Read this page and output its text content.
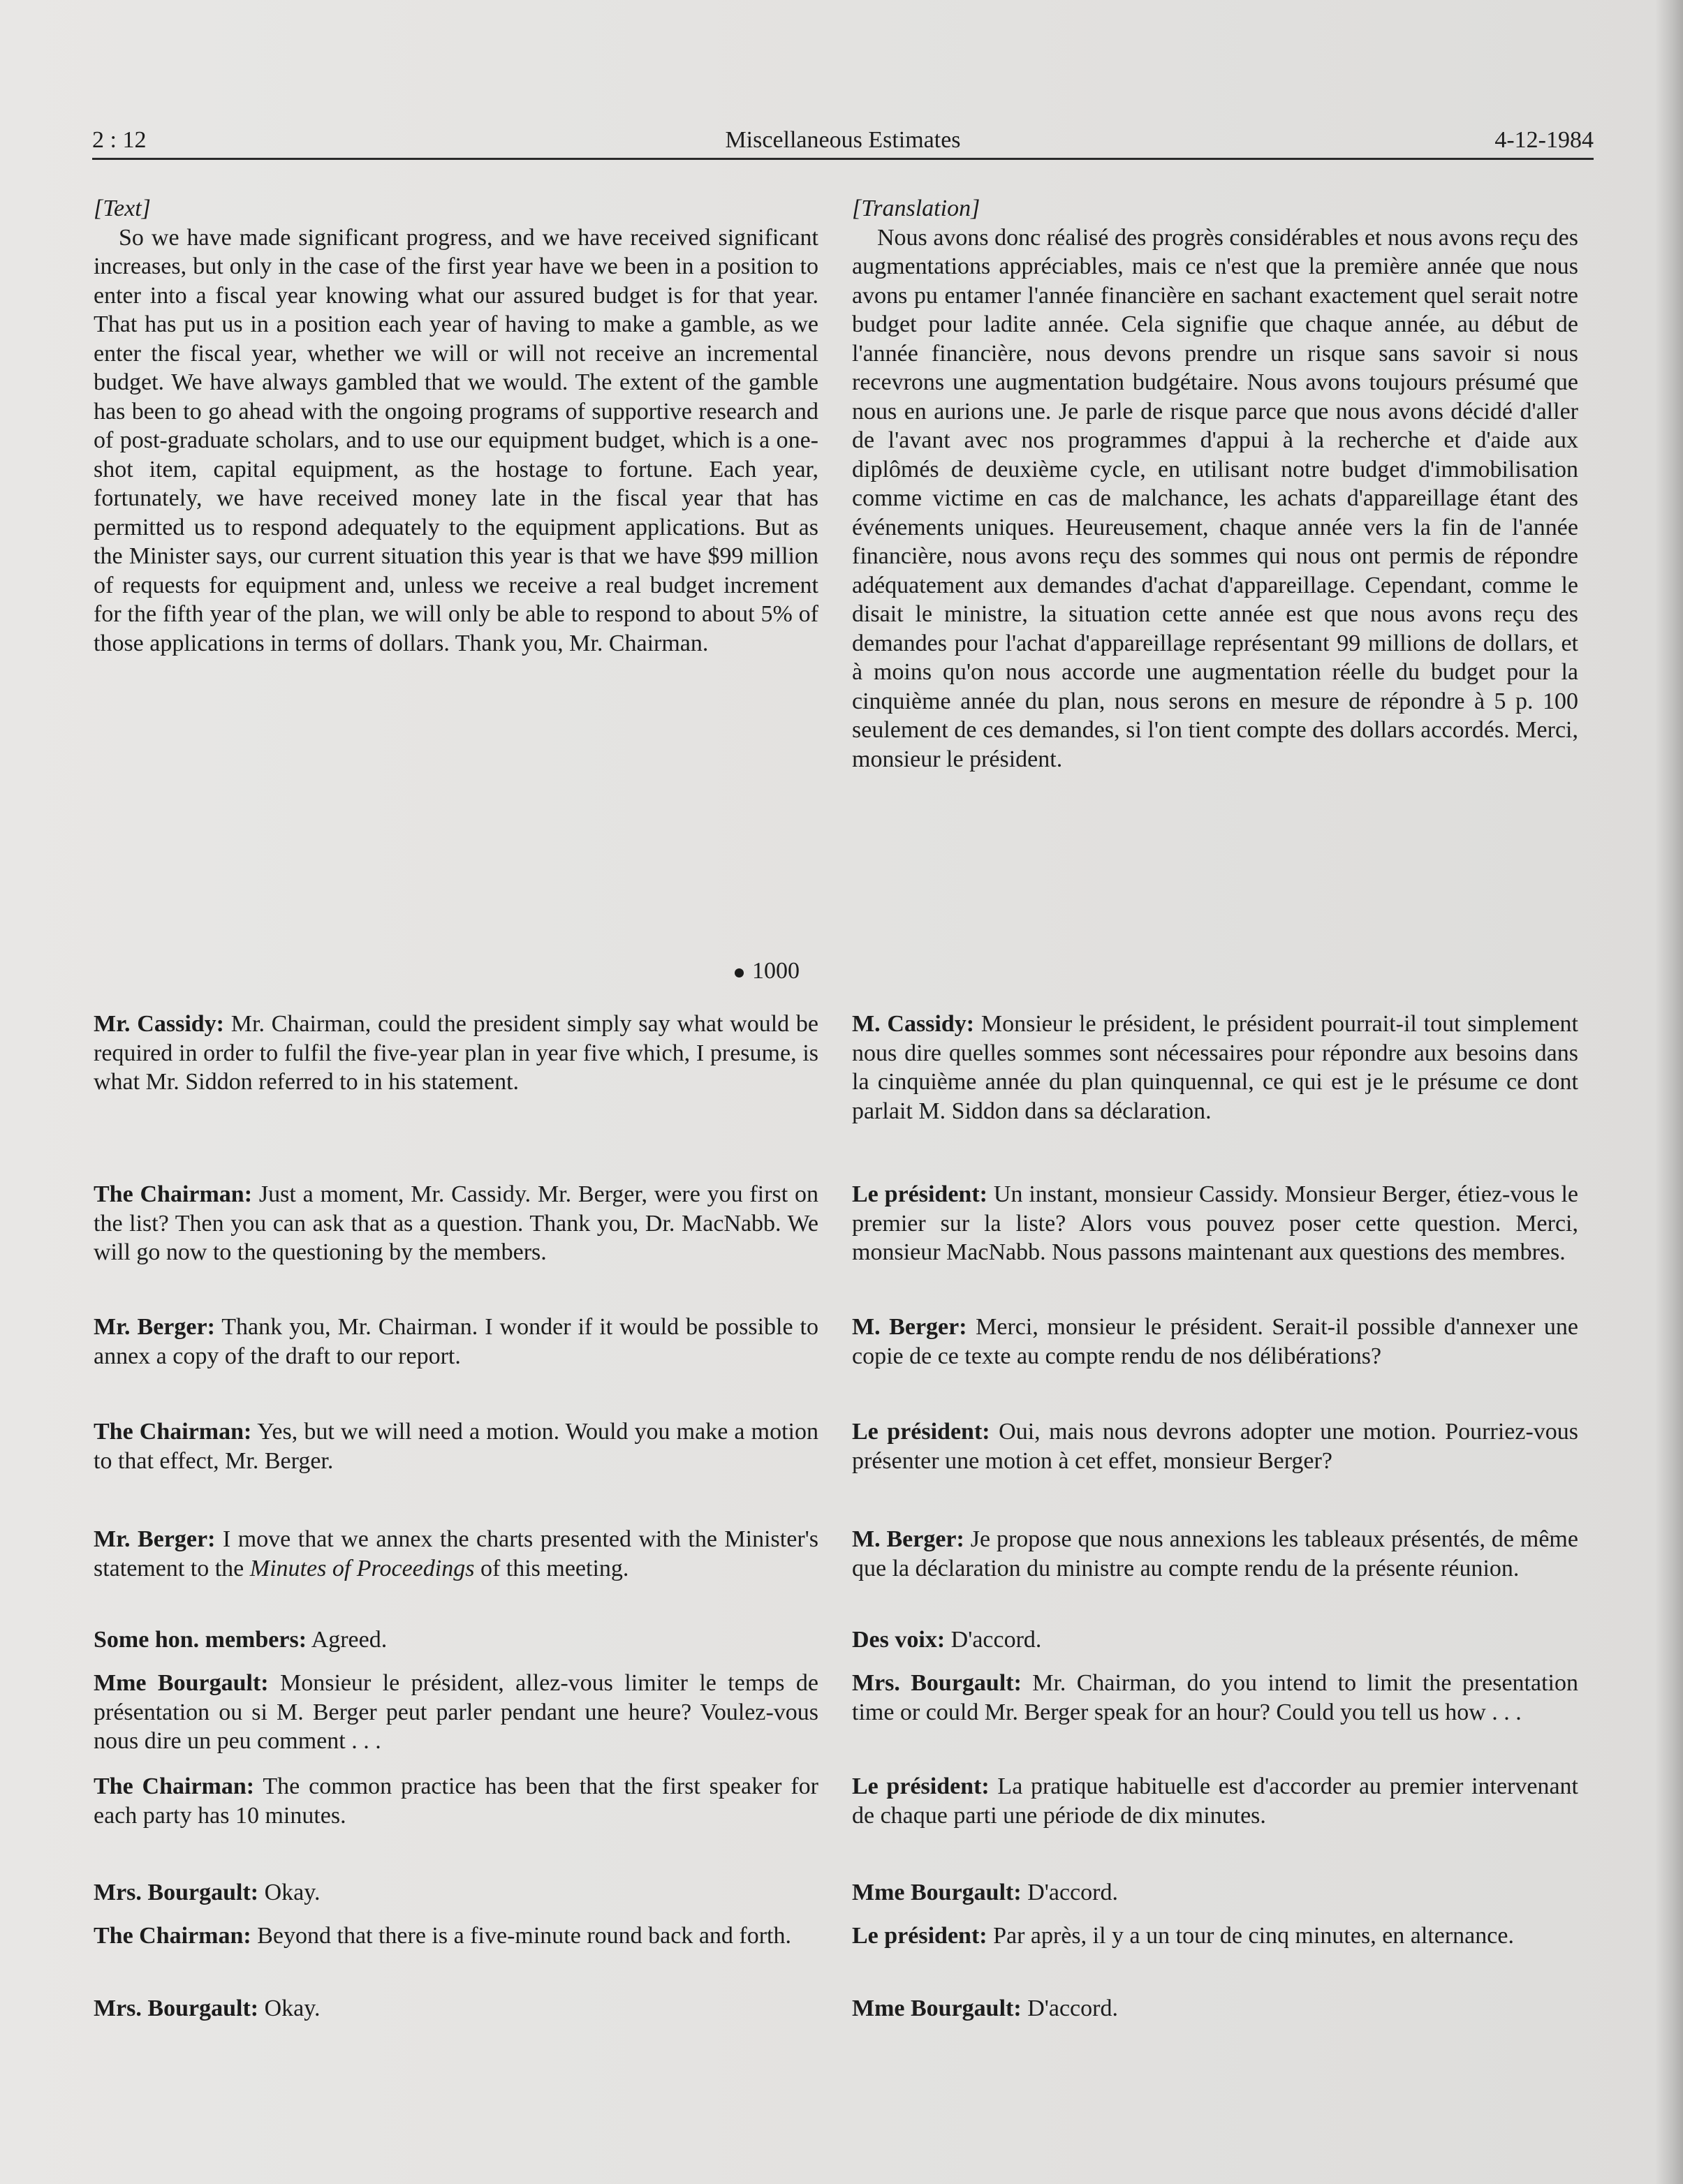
2 : 12	Miscellaneous Estimates	4-12-1984

[Text]

So we have made significant progress, and we have received significant increases, but only in the case of the first year have we been in a position to enter into a fiscal year knowing what our assured budget is for that year. That has put us in a position each year of having to make a gamble, as we enter the fiscal year, whether we will or will not receive an incremental budget. We have always gambled that we would. The extent of the gamble has been to go ahead with the ongoing programs of supportive research and of post-graduate scholars, and to use our equipment budget, which is a one-shot item, capital equipment, as the hostage to fortune. Each year, fortunately, we have received money late in the fiscal year that has permitted us to respond adequately to the equipment applications. But as the Minister says, our current situation this year is that we have $99 million of requests for equipment and, unless we receive a real budget increment for the fifth year of the plan, we will only be able to respond to about 5% of those applications in terms of dollars. Thank you, Mr. Chairman.

[Translation]

Nous avons donc réalisé des progrès considérables et nous avons reçu des augmentations appréciables, mais ce n'est que la première année que nous avons pu entamer l'année financière en sachant exactement quel serait notre budget pour ladite année. Cela signifie que chaque année, au début de l'année financière, nous devons prendre un risque sans savoir si nous recevrons une augmentation budgétaire. Nous avons toujours présumé que nous en aurions une. Je parle de risque parce que nous avons décidé d'aller de l'avant avec nos programmes d'appui à la recherche et d'aide aux diplômés de deuxième cycle, en utilisant notre budget d'immobilisation comme victime en cas de malchance, les achats d'appareillage étant des événements uniques. Heureusement, chaque année vers la fin de l'année financière, nous avons reçu des sommes qui nous ont permis de répondre adéquatement aux demandes d'achat d'appareillage. Cependant, comme le disait le ministre, la situation cette année est que nous avons reçu des demandes pour l'achat d'appareillage représentant 99 millions de dollars, et à moins qu'on nous accorde une augmentation réelle du budget pour la cinquième année du plan, nous serons en mesure de répondre à 5 p. 100 seulement de ces demandes, si l'on tient compte des dollars accordés. Merci, monsieur le président.

1000

Mr. Cassidy: Mr. Chairman, could the president simply say what would be required in order to fulfil the five-year plan in year five which, I presume, is what Mr. Siddon referred to in his statement.

The Chairman: Just a moment, Mr. Cassidy. Mr. Berger, were you first on the list? Then you can ask that as a question. Thank you, Dr. MacNabb. We will go now to the questioning by the members.

Mr. Berger: Thank you, Mr. Chairman. I wonder if it would be possible to annex a copy of the draft to our report.

The Chairman: Yes, but we will need a motion. Would you make a motion to that effect, Mr. Berger.

Mr. Berger: I move that we annex the charts presented with the Minister's statement to the Minutes of Proceedings of this meeting.

Some hon. members: Agreed.

Mme Bourgault: Monsieur le président, allez-vous limiter le temps de présentation ou si M. Berger peut parler pendant une heure? Voulez-vous nous dire un peu comment . . .

The Chairman: The common practice has been that the first speaker for each party has 10 minutes.

Mrs. Bourgault: Okay.

The Chairman: Beyond that there is a five-minute round back and forth.

Mrs. Bourgault: Okay.

M. Cassidy: Monsieur le président, le président pourrait-il tout simplement nous dire quelles sommes sont nécessaires pour répondre aux besoins dans la cinquième année du plan quinquennal, ce qui est je le présume ce dont parlait M. Siddon dans sa déclaration.

Le président: Un instant, monsieur Cassidy. Monsieur Berger, étiez-vous le premier sur la liste? Alors vous pouvez poser cette question. Merci, monsieur MacNabb. Nous passons maintenant aux questions des membres.

M. Berger: Merci, monsieur le président. Serait-il possible d'annexer une copie de ce texte au compte rendu de nos délibérations?

Le président: Oui, mais nous devrons adopter une motion. Pourriez-vous présenter une motion à cet effet, monsieur Berger?

M. Berger: Je propose que nous annexions les tableaux présentés, de même que la déclaration du ministre au compte rendu de la présente réunion.

Des voix: D'accord.

Mrs. Bourgault: Mr. Chairman, do you intend to limit the presentation time or could Mr. Berger speak for an hour? Could you tell us how . . .

Le président: La pratique habituelle est d'accorder au premier intervenant de chaque parti une période de dix minutes.

Mme Bourgault: D'accord.

Le président: Par après, il y a un tour de cinq minutes, en alternance.

Mme Bourgault: D'accord.
